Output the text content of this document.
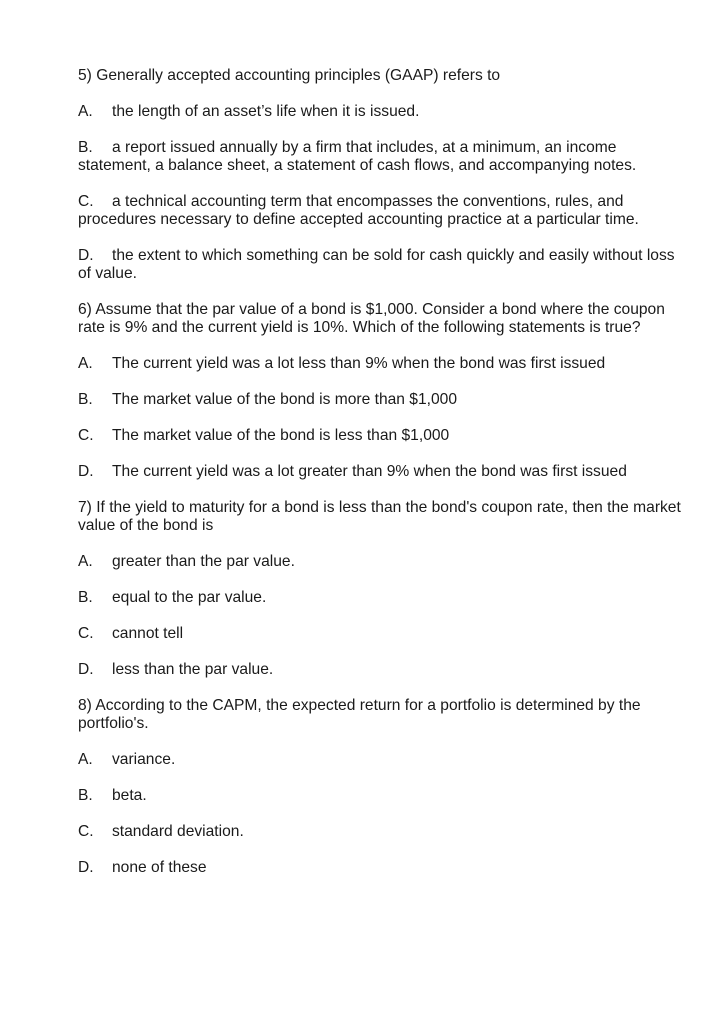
5) Generally accepted accounting principles (GAAP) refers to

A. the length of an asset’s life when it is issued.

B. a report issued annually by a firm that includes, at a minimum, an income statement, a balance sheet, a statement of cash flows, and accompanying notes.

C. a technical accounting term that encompasses the conventions, rules, and procedures necessary to define accepted accounting practice at a particular time.

D. the extent to which something can be sold for cash quickly and easily without loss of value.

6) Assume that the par value of a bond is $1,000. Consider a bond where the coupon rate is 9% and the current yield is 10%. Which of the following statements is true?

A. The current yield was a lot less than 9% when the bond was first issued

B. The market value of the bond is more than $1,000

C. The market value of the bond is less than $1,000

D. The current yield was a lot greater than 9% when the bond was first issued

7) If the yield to maturity for a bond is less than the bond's coupon rate, then the market value of the bond is

A. greater than the par value.

B. equal to the par value.

C. cannot tell

D. less than the par value.

8) According to the CAPM, the expected return for a portfolio is determined by the portfolio's.

A. variance.

B. beta.

C. standard deviation.

D. none of these
